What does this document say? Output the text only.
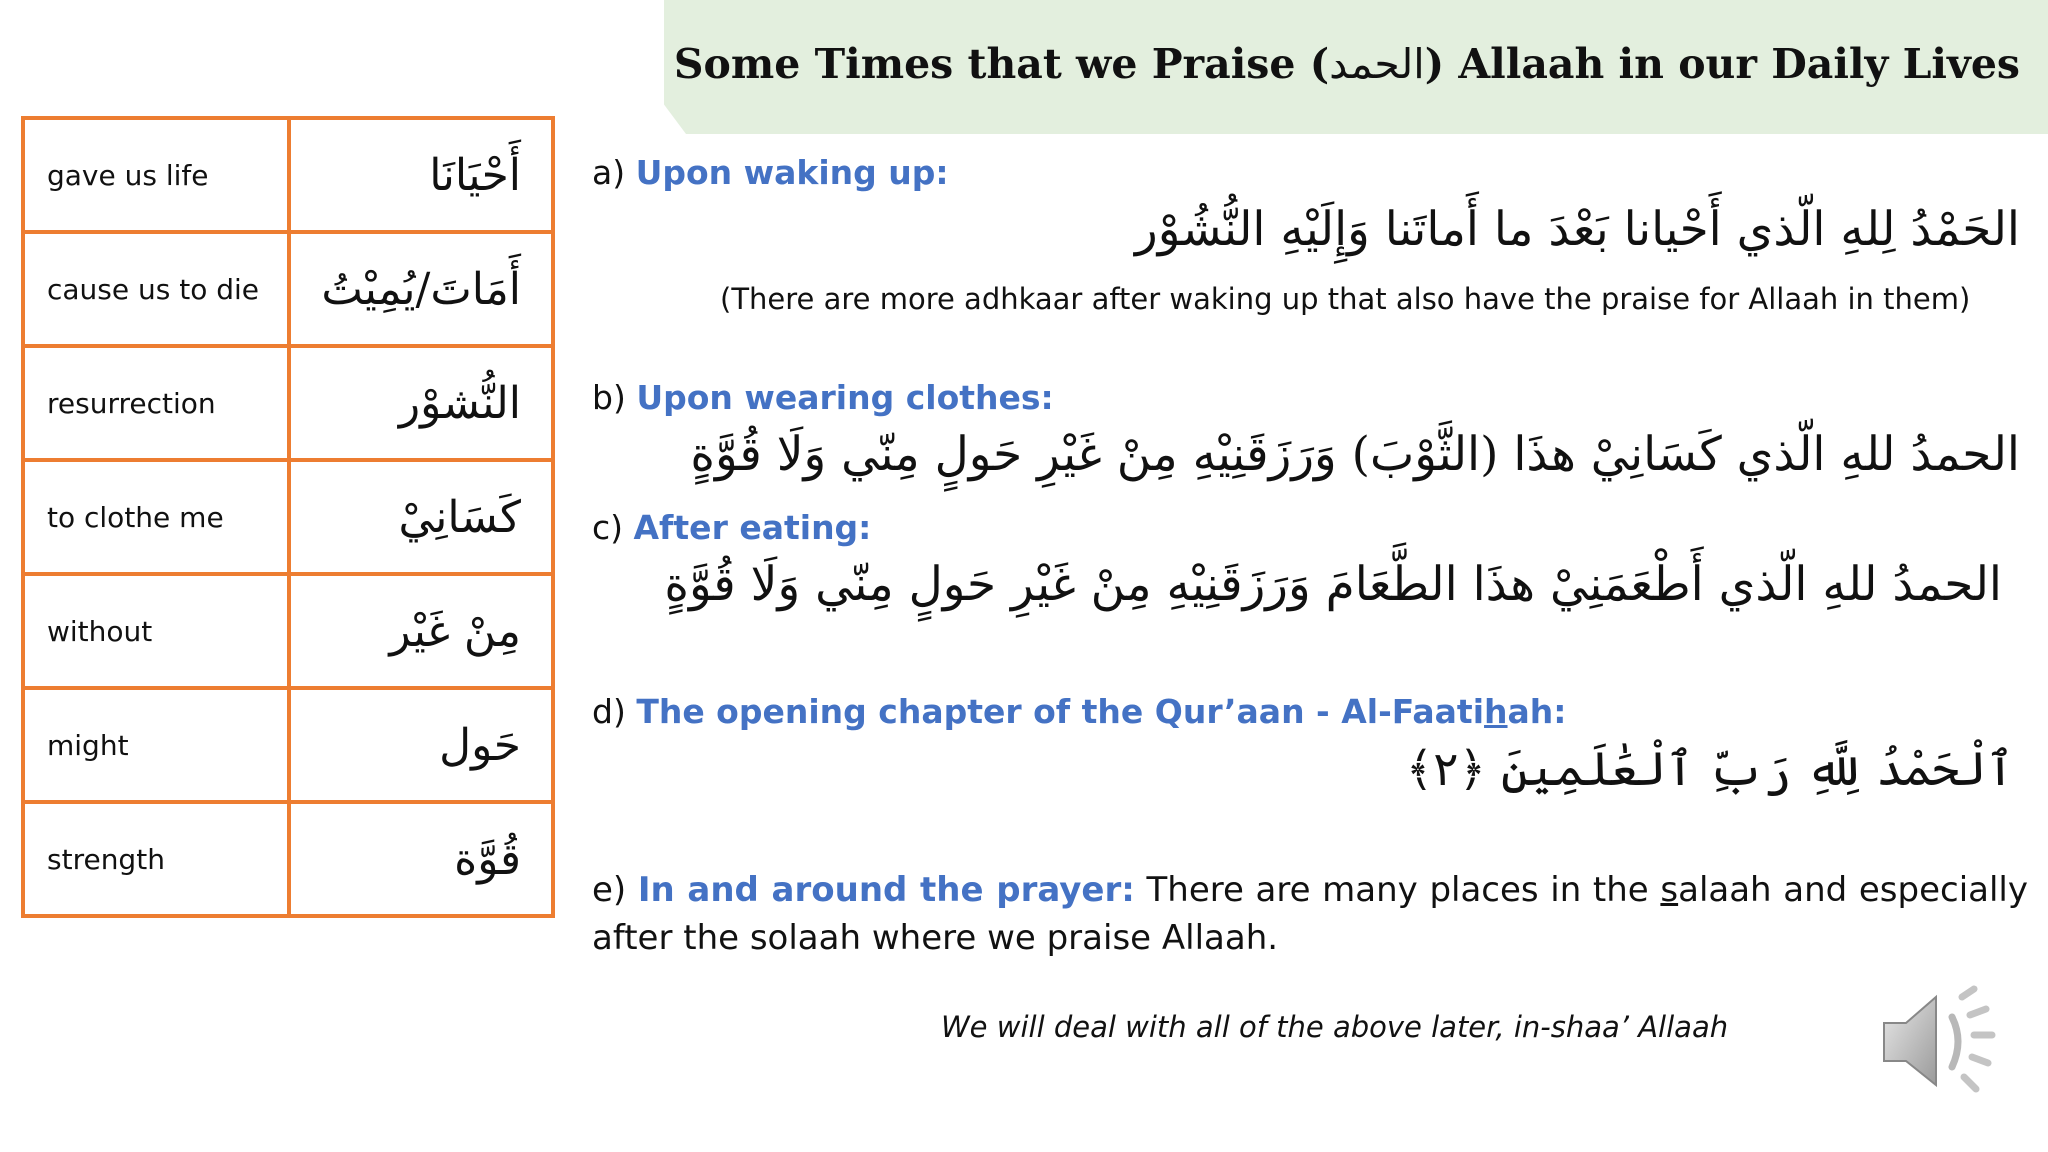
Some Times that we Praise (الحمد) Allaah in our Daily Lives
gave us life	أَحْيَانَا
cause us to die	أَمَاتَ/يُمِيْتُ
resurrection	النُّشوْر
to clothe me	كَسَانِيْ
without	مِنْ غَيْر
might	حَول
strength	قُوَّة
a) Upon waking up:
الحَمْدُ لِلهِ الّذي أَحْيانا بَعْدَ ما أَماتَنا وَإِلَيْهِ النُّشُوْر
(There are more adhkaar after waking up that also have the praise for Allaah in them)
b) Upon wearing clothes:
الحمدُ للهِ الّذي كَسَانِيْ هذَا (الثَّوْبَ) وَرَزَقَنِيْهِ مِنْ غَيْرِ حَولٍ مِنّي وَلَا قُوَّةٍ
c) After eating:
الحمدُ للهِ الّذي أَطْعَمَنِيْ هذَا الطَّعَامَ وَرَزَقَنِيْهِ مِنْ غَيْرِ حَولٍ مِنّي وَلَا قُوَّةٍ
d) The opening chapter of the Qur’aan - Al-Faatihah:
ٱلْحَمْدُ لِلَّهِ رَبِّ ٱلْعَٰلَمِينَ ﴿٢﴾
e) In and around the prayer: There are many places in the salaah and especially after the solaah where we praise Allaah.
We will deal with all of the above later, in-shaa’ Allaah
